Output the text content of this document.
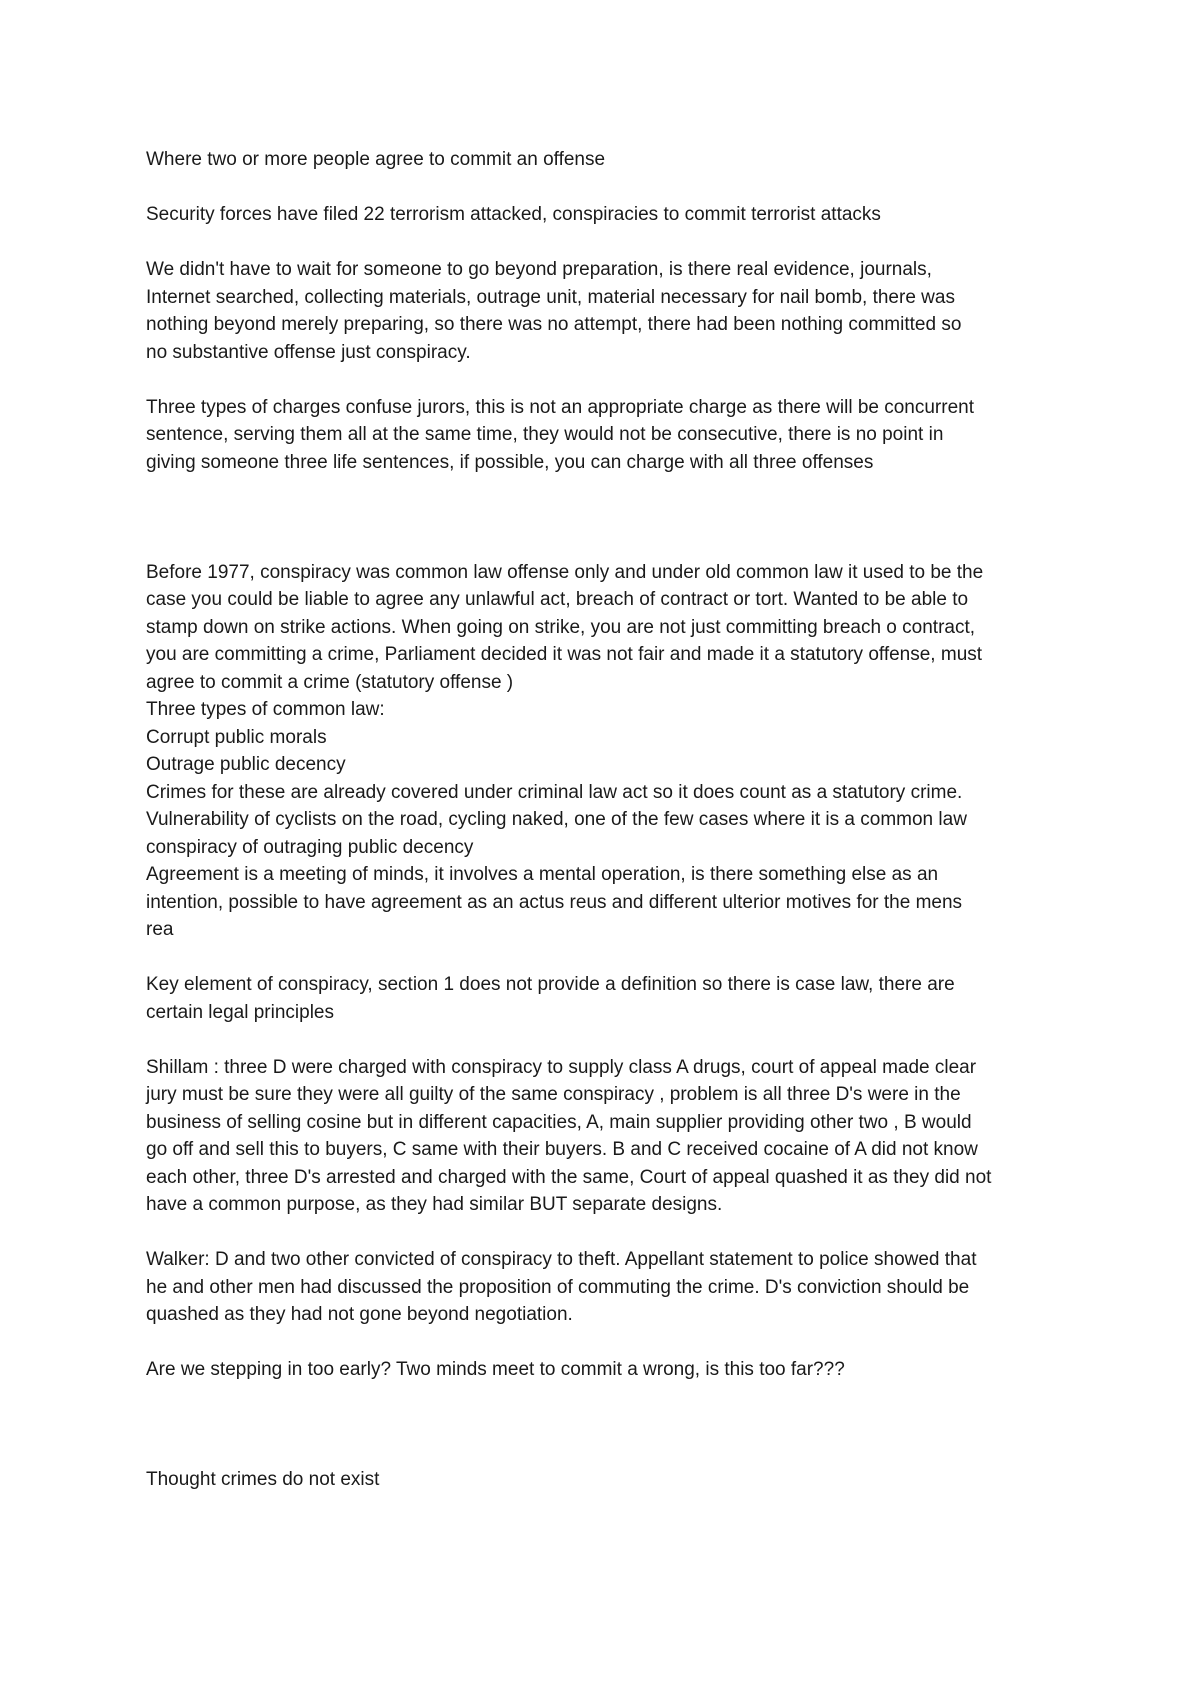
Where two or more people agree to commit an offense

Security forces have filed 22 terrorism attacked, conspiracies to commit terrorist attacks

We didn't have to wait for someone to go beyond preparation, is there real evidence, journals,
Internet searched, collecting materials, outrage unit, material necessary for nail bomb, there was
nothing beyond merely preparing, so there was no attempt, there had been nothing committed so
no substantive offense just conspiracy.

Three types of charges confuse jurors, this is not an appropriate charge as there will be concurrent
sentence, serving them all at the same time, they would not be consecutive, there is no point in
giving someone three life sentences, if possible, you can charge with all three offenses

Before 1977, conspiracy was common law offense only and under old common law it used to be the
case you could be liable to agree any unlawful act, breach of contract or tort. Wanted to be able to
stamp down on strike actions. When going on strike, you are not just committing breach o contract,
you are committing a crime, Parliament decided it was not fair and made it a statutory offense, must
agree to commit a crime (statutory offense )
Three types of common law:
Corrupt public morals
Outrage public decency
Crimes for these are already covered under criminal law act so it does count as a statutory crime.
Vulnerability of cyclists on the road, cycling naked, one of the few cases where it is a common law
conspiracy of outraging public decency
Agreement is a meeting of minds, it involves a mental operation, is there something else as an
intention, possible to have agreement as an actus reus and different ulterior motives for the mens
rea

Key element of conspiracy, section 1 does not provide a definition so there is case law, there are
certain legal principles

Shillam : three D were charged with conspiracy to supply class A drugs, court of appeal made clear
jury must be sure they were all guilty of the same conspiracy , problem is all three D's were in the
business of selling cosine but in different capacities, A, main supplier providing other two , B would
go off and sell this to buyers, C same with their buyers. B and C received cocaine of A did not know
each other, three D's arrested and charged with the same, Court of appeal quashed it as they did not
have a common purpose, as they had similar BUT separate designs.

Walker: D and two other convicted of conspiracy to theft. Appellant statement to police showed that
he and other men had discussed the proposition of commuting the crime. D's conviction should be
quashed as they had not gone beyond negotiation.

Are we stepping in too early? Two minds meet to commit a wrong, is this too far???

Thought crimes do not exist
